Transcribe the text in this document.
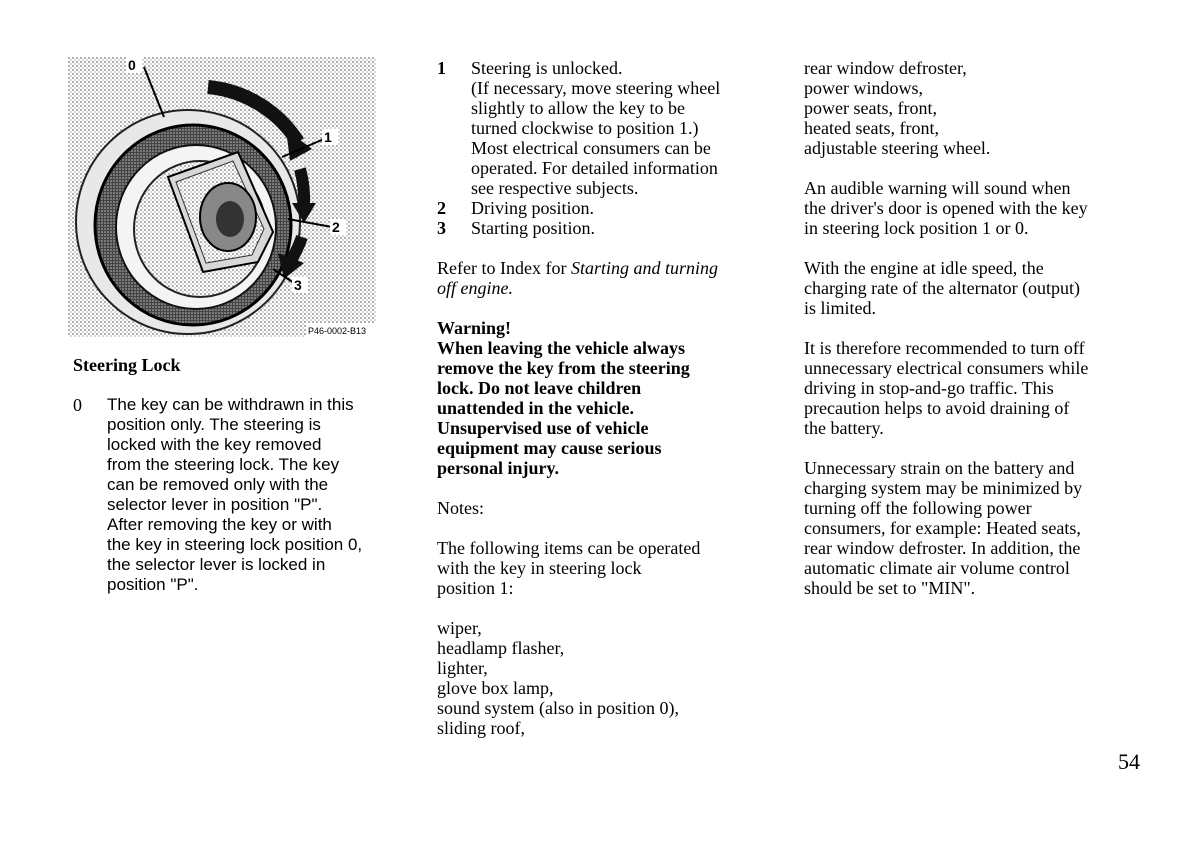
0
1
2
3
P46-0002-B13

Steering Lock

0 The key can be withdrawn in this
position only. The steering is
locked with the key removed
from the steering lock. The key
can be removed only with the
selector lever in position "P".
After removing the key or with
the key in steering lock position 0,
the selector lever is locked in
position "P".
1 Steering is unlocked.
(If necessary, move steering wheel
slightly to allow the key to be
turned clockwise to position 1.)
Most electrical consumers can be
operated. For detailed information
see respective subjects.
2 Driving position.
3 Starting position.

Refer to Index for Starting and turning
off engine.

Warning!
When leaving the vehicle always
remove the key from the steering
lock. Do not leave children
unattended in the vehicle.
Unsupervised use of vehicle
equipment may cause serious
personal injury.
Notes:
The following items can be operated
with the key in steering lock
position 1:
wiper,
headlamp flasher,
lighter,
glove box lamp,
sound system (also in position 0),
sliding roof,
rear window defroster,
power windows,
power seats, front,
heated seats, front,
adjustable steering wheel.
An audible warning will sound when
the driver's door is opened with the key
in steering lock position 1 or 0.
With the engine at idle speed, the
charging rate of the alternator (output)
is limited.
It is therefore recommended to turn off
unnecessary electrical consumers while
driving in stop-and-go traffic. This
precaution helps to avoid draining of
the battery.
Unnecessary strain on the battery and
charging system may be minimized by
turning off the following power
consumers, for example: Heated seats,
rear window defroster. In addition, the
automatic climate air volume control
should be set to "MIN".
54
